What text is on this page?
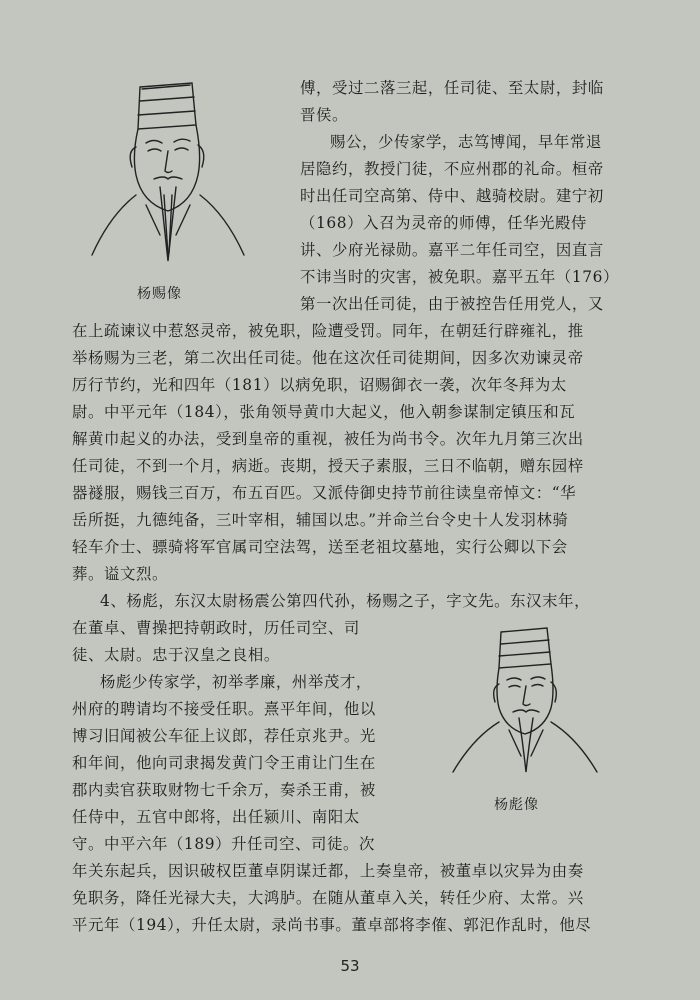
杨赐像
杨彪像
傅，受过二落三起，任司徒、至太尉，封临
晋侯。
赐公，少传家学，志笃博闻，早年常退
居隐约，教授门徒，不应州郡的礼命。桓帝
时出任司空高第、侍中、越骑校尉。建宁初
（168）入召为灵帝的师傅，任华光殿侍
讲、少府光禄勋。嘉平二年任司空，因直言
不讳当时的灾害，被免职。嘉平五年（176）
第一次出任司徒，由于被控告任用党人，又
在上疏谏议中惹怒灵帝，被免职，险遭受罚。同年，在朝廷行辟雍礼，推
举杨赐为三老，第二次出任司徒。他在这次任司徒期间，因多次劝谏灵帝
厉行节约，光和四年（181）以病免职，诏赐御衣一袭，次年冬拜为太
尉。中平元年（184），张角领导黄巾大起义，他入朝参谋制定镇压和瓦
解黄巾起义的办法，受到皇帝的重视，被任为尚书令。次年九月第三次出
任司徒，不到一个月，病逝。丧期，授天子素服，三日不临朝，赠东园梓
器襚服，赐钱三百万，布五百匹。又派侍御史持节前往读皇帝悼文：“华
岳所挺，九德纯备，三叶宰相，辅国以忠。”并命兰台令史十人发羽林骑
轻车介士、骠骑将军官属司空法驾，送至老祖坟墓地，实行公卿以下会
葬。谥文烈。
4、杨彪，东汉太尉杨震公第四代孙，杨赐之子，字文先。东汉末年，
在董卓、曹操把持朝政时，历任司空、司
徒、太尉。忠于汉皇之良相。
杨彪少传家学，初举孝廉，州举茂才，
州府的聘请均不接受任职。熹平年间，他以
博习旧闻被公车征上议郎，荐任京兆尹。光
和年间，他向司隶揭发黄门令王甫让门生在
郡内卖官获取财物七千余万，奏杀王甫，被
任侍中，五官中郎将，出任颍川、南阳太
守。中平六年（189）升任司空、司徒。次
年关东起兵，因识破权臣董卓阴谋迁都，上奏皇帝，被董卓以灾异为由奏
免职务，降任光禄大夫，大鸿胪。在随从董卓入关，转任少府、太常。兴
平元年（194），升任太尉，录尚书事。董卓部将李傕、郭汜作乱时，他尽
53
